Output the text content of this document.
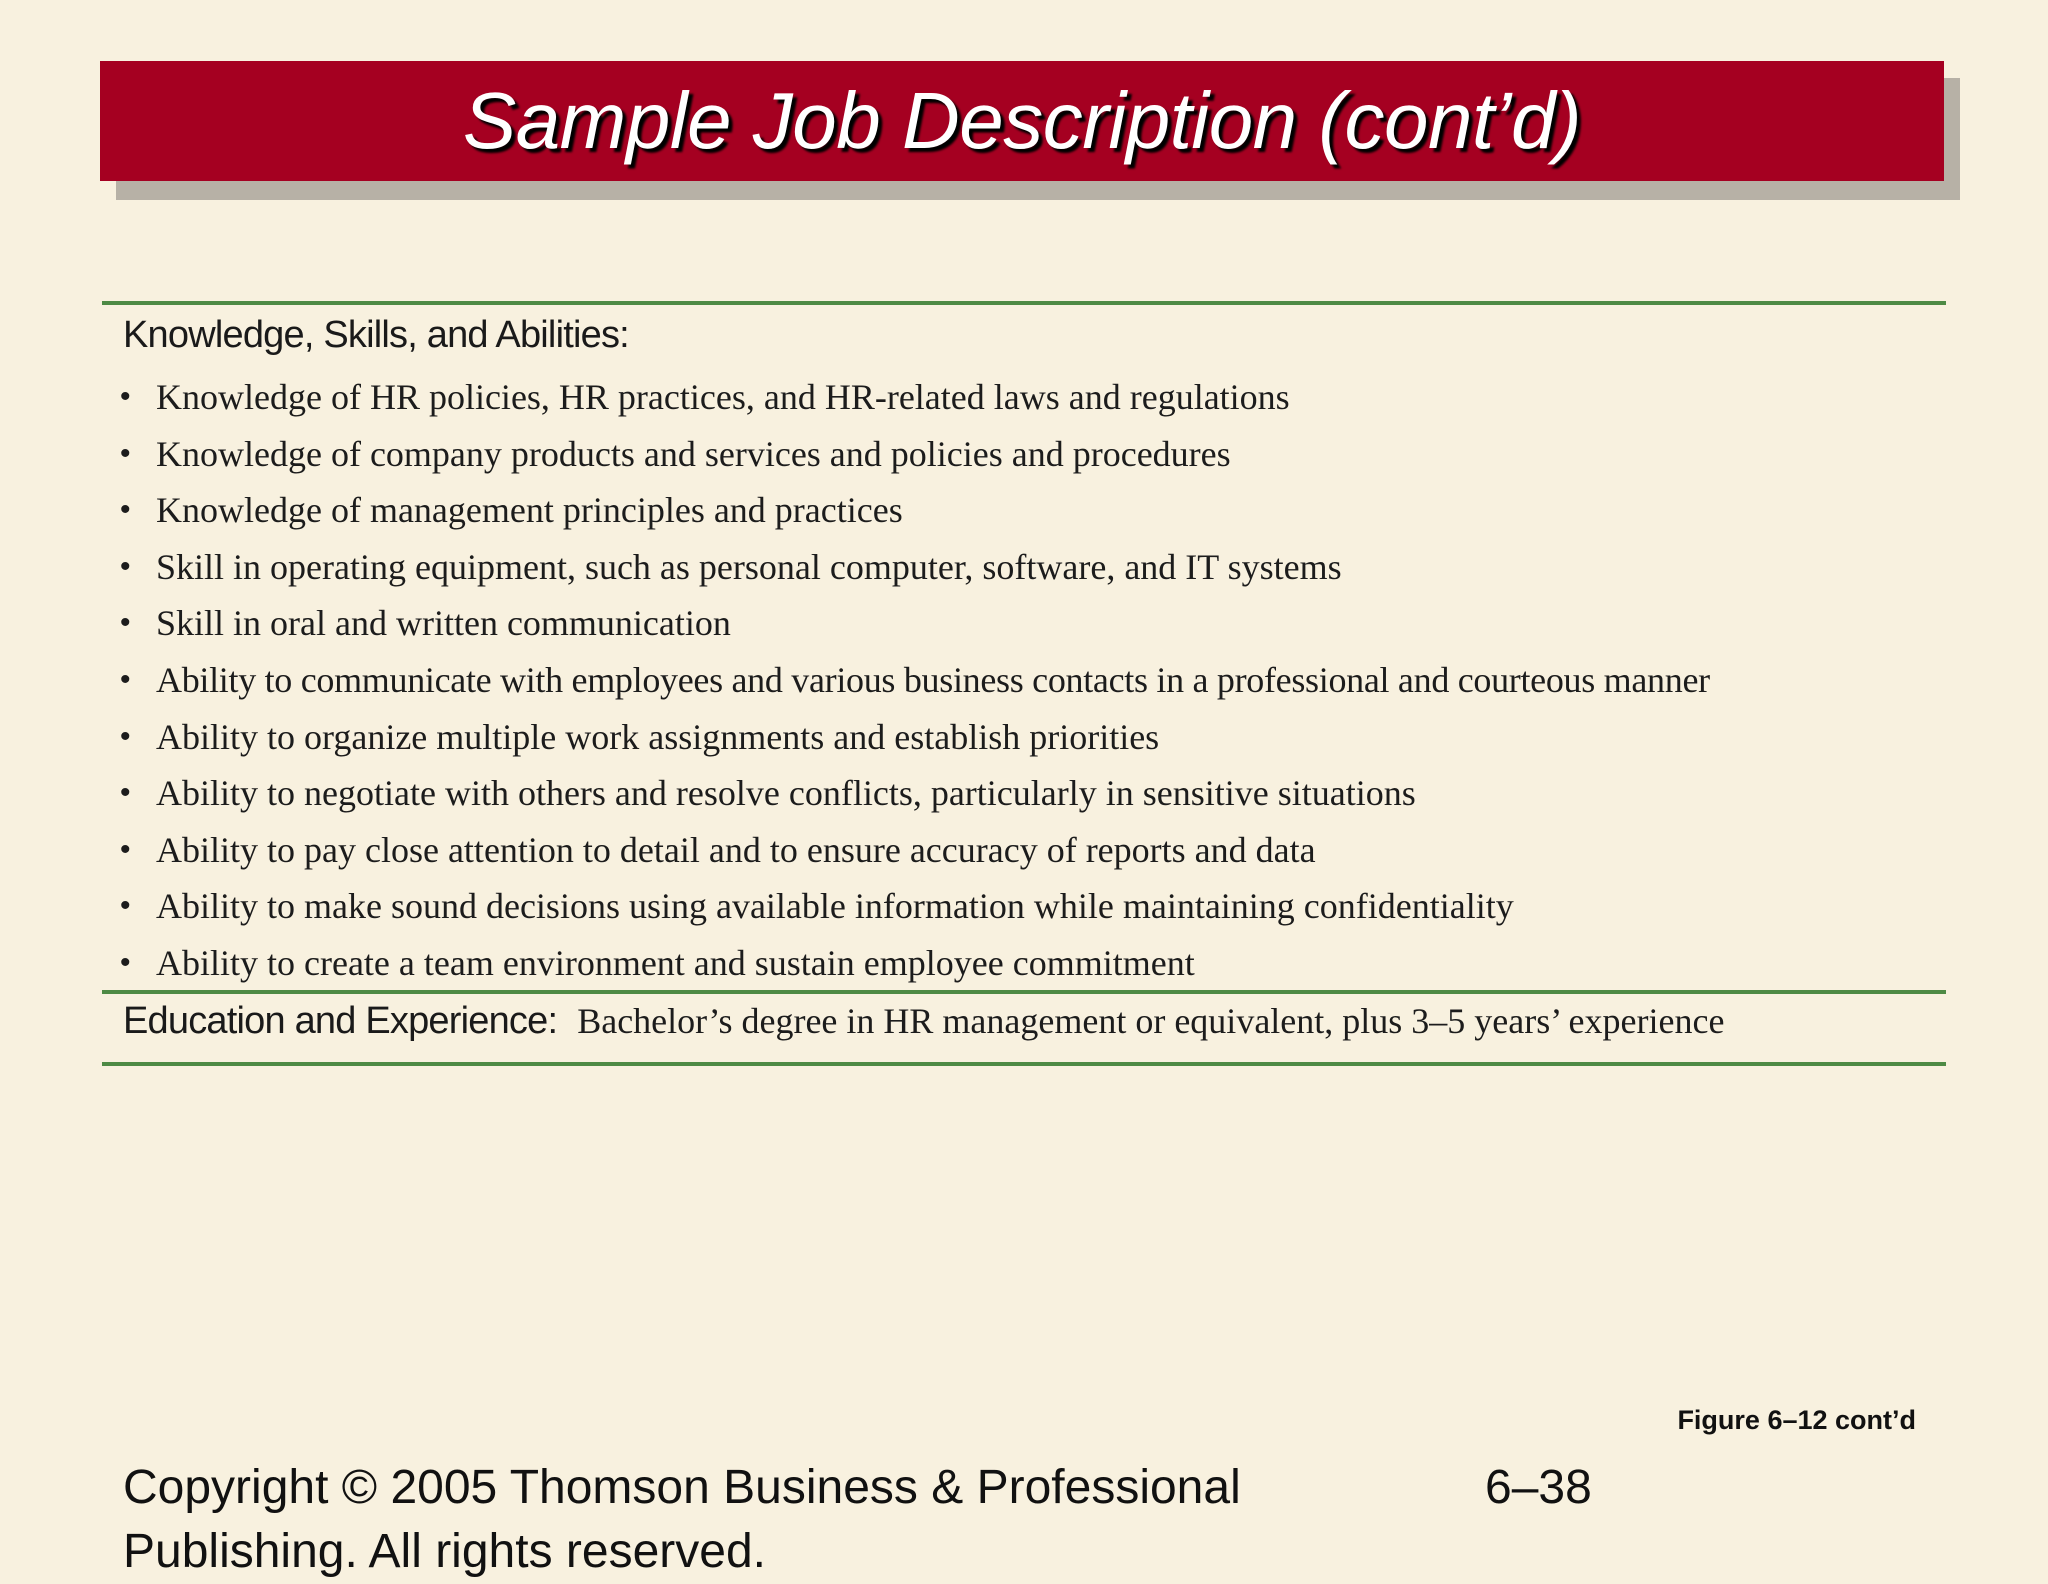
Sample Job Description (cont’d)
Knowledge, Skills, and Abilities:
• Knowledge of HR policies, HR practices, and HR-related laws and regulations
• Knowledge of company products and services and policies and procedures
• Knowledge of management principles and practices
• Skill in operating equipment, such as personal computer, software, and IT systems
• Skill in oral and written communication
• Ability to communicate with employees and various business contacts in a professional and courteous manner
• Ability to organize multiple work assignments and establish priorities
• Ability to negotiate with others and resolve conflicts, particularly in sensitive situations
• Ability to pay close attention to detail and to ensure accuracy of reports and data
• Ability to make sound decisions using available information while maintaining confidentiality
• Ability to create a team environment and sustain employee commitment
Education and Experience: Bachelor’s degree in HR management or equivalent, plus 3–5 years’ experience
Figure 6–12 cont’d
Copyright © 2005 Thomson Business & Professional Publishing. All rights reserved.
6–38
